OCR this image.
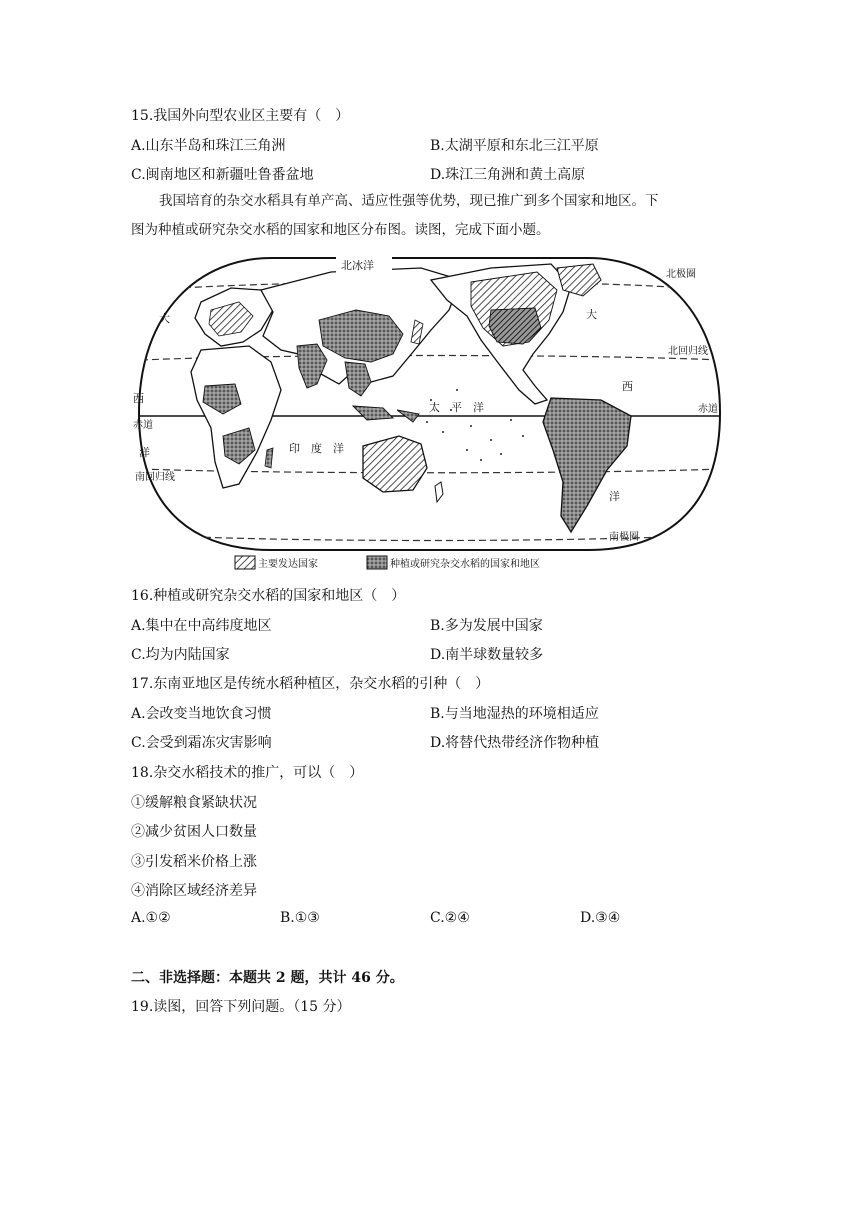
15.我国外向型农业区主要有（　）
A.山东半岛和珠江三角洲	B.太湖平原和东北三江平原
C.闽南地区和新疆吐鲁番盆地	D.珠江三角洲和黄土高原
我国培育的杂交水稻具有单产高、适应性强等优势，现已推广到多个国家和地区。下
图为种植或研究杂交水稻的国家和地区分布图。读图，完成下面小题。
北冰洋
北极圈
北回归线
赤道
赤道
南回归线
南极圈
太　平　洋
印　度　洋
大
西
洋
大
西
洋
主要发达国家	种植或研究杂交水稻的国家和地区
16.种植或研究杂交水稻的国家和地区（　）
A.集中在中高纬度地区	B.多为发展中国家
C.均为内陆国家	D.南半球数量较多
17.东南亚地区是传统水稻种植区，杂交水稻的引种（　）
A.会改变当地饮食习惯	B.与当地湿热的环境相适应
C.会受到霜冻灾害影响	D.将替代热带经济作物种植
18.杂交水稻技术的推广，可以（　）
①缓解粮食紧缺状况
②减少贫困人口数量
③引发稻米价格上涨
④消除区域经济差异
A.①②	B.①③	C.②④	D.③④
二、非选择题：本题共 2 题，共计 46 分。
19.读图，回答下列问题。（15 分）
